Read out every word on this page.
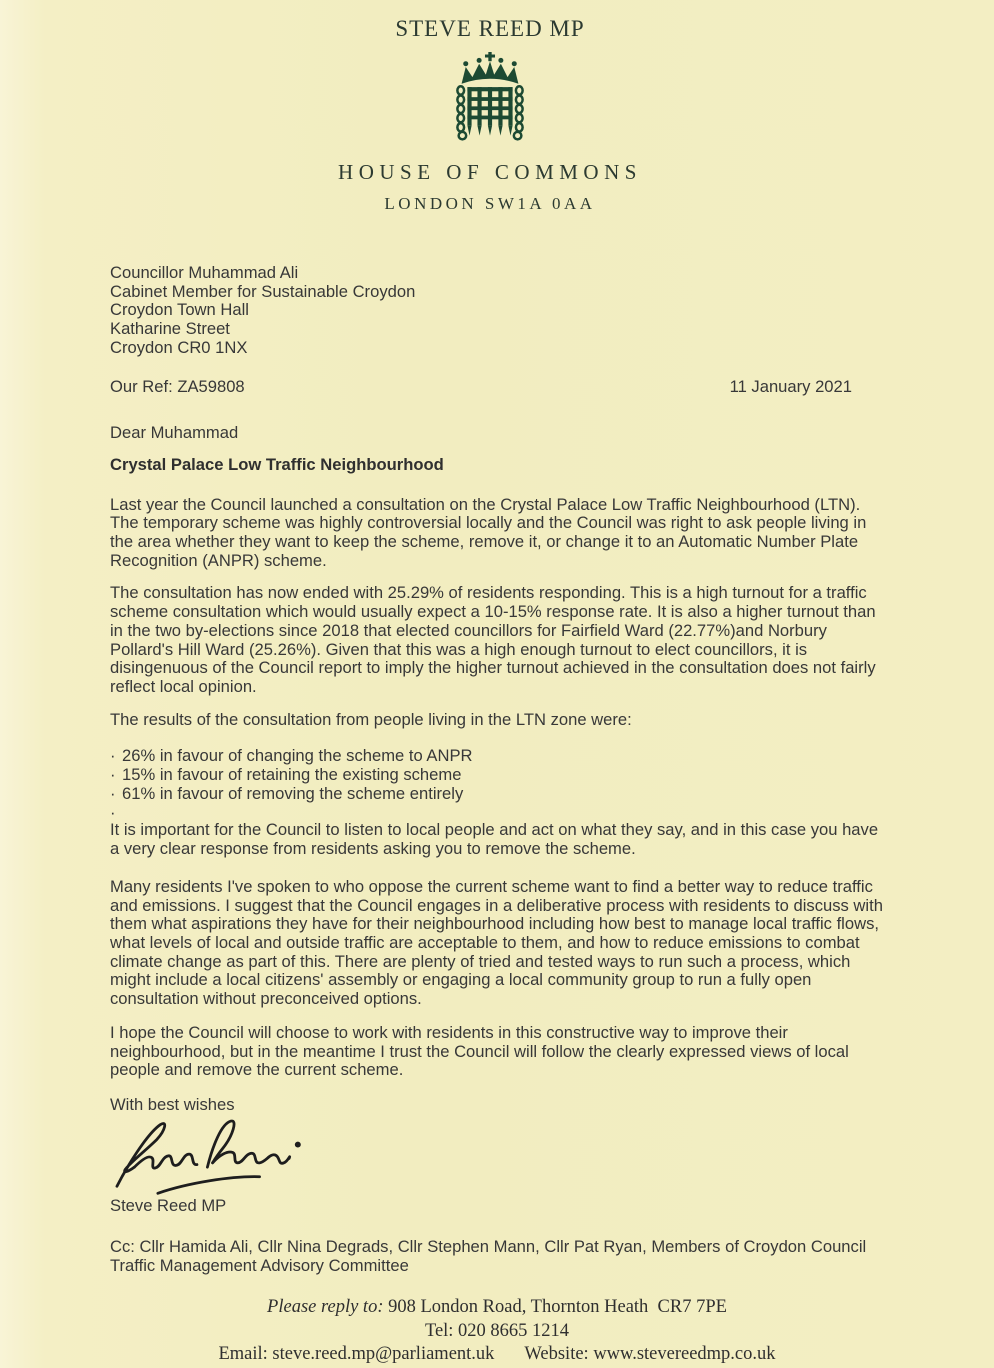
STEVE REED MP
HOUSE OF COMMONS
LONDON SW1A 0AA
Councillor Muhammad Ali
Cabinet Member for Sustainable Croydon
Croydon Town Hall
Katharine Street
Croydon CR0 1NX
Our Ref: ZA59808	11 January 2021
Dear Muhammad
Crystal Palace Low Traffic Neighbourhood
Last year the Council launched a consultation on the Crystal Palace Low Traffic Neighbourhood (LTN). The temporary scheme was highly controversial locally and the Council was right to ask people living in the area whether they want to keep the scheme, remove it, or change it to an Automatic Number Plate Recognition (ANPR) scheme.
The consultation has now ended with 25.29% of residents responding. This is a high turnout for a traffic scheme consultation which would usually expect a 10-15% response rate. It is also a higher turnout than in the two by-elections since 2018 that elected councillors for Fairfield Ward (22.77%)and Norbury Pollard's Hill Ward (25.26%). Given that this was a high enough turnout to elect councillors, it is disingenuous of the Council report to imply the higher turnout achieved in the consultation does not fairly reflect local opinion.
The results of the consultation from people living in the LTN zone were:
· 26% in favour of changing the scheme to ANPR
· 15% in favour of retaining the existing scheme
· 61% in favour of removing the scheme entirely
·
It is important for the Council to listen to local people and act on what they say, and in this case you have a very clear response from residents asking you to remove the scheme.
Many residents I've spoken to who oppose the current scheme want to find a better way to reduce traffic and emissions. I suggest that the Council engages in a deliberative process with residents to discuss with them what aspirations they have for their neighbourhood including how best to manage local traffic flows, what levels of local and outside traffic are acceptable to them, and how to reduce emissions to combat climate change as part of this. There are plenty of tried and tested ways to run such a process, which might include a local citizens' assembly or engaging a local community group to run a fully open consultation without preconceived options.
I hope the Council will choose to work with residents in this constructive way to improve their neighbourhood, but in the meantime I trust the Council will follow the clearly expressed views of local people and remove the current scheme.
With best wishes
Steve Reed MP
Cc: Cllr Hamida Ali, Cllr Nina Degrads, Cllr Stephen Mann, Cllr Pat Ryan, Members of Croydon Council Traffic Management Advisory Committee
Please reply to: 908 London Road, Thornton Heath  CR7 7PE
Tel: 020 8665 1214
Email: steve.reed.mp@parliament.uk Website: www.stevereedmp.co.uk
